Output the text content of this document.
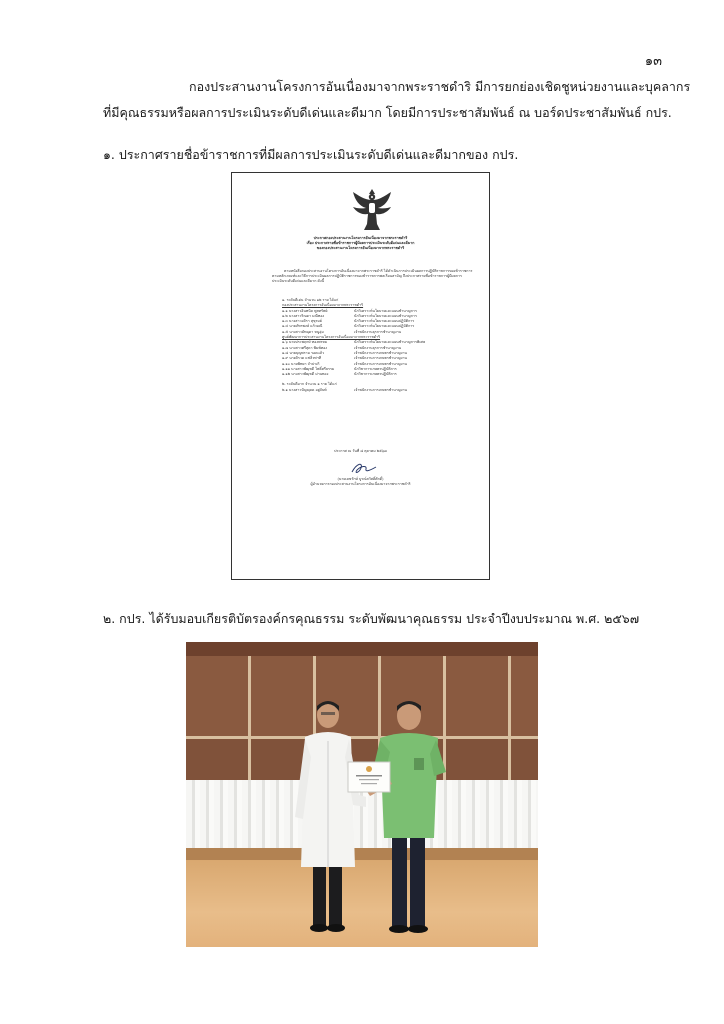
๑๓

กองประสานงานโครงการอันเนื่องมาจากพระราชดำริ มีการยกย่องเชิดชูหน่วยงานและบุคลากร
ที่มีคุณธรรมหรือผลการประเมินระดับดีเด่นและดีมาก โดยมีการประชาสัมพันธ์ ณ บอร์ดประชาสัมพันธ์ กปร.

๑. ประกาศรายชื่อข้าราชการที่มีผลการประเมินระดับดีเด่นและดีมากของ กปร.

ประกาศกองประสานงานโครงการอันเนื่องมาจากพระราชดำริ
เรื่อง ประกาศรายชื่อข้าราชการผู้มีผลการประเมินระดับดีเด่นและดีมาก
ของกองประสานงานโครงการอันเนื่องมาจากพระราชดำริ

ตามหนังสือกองประสานงานโครงการอันเนื่องมาจากพระราชดำริ ได้ดำเนินการประเมินผลการปฏิบัติราชการของข้าราชการ ตามหลักเกณฑ์และวิธีการประเมินผลการปฏิบัติราชการของข้าราชการพลเรือนสามัญ จึงประกาศรายชื่อข้าราชการผู้มีผลการประเมินระดับดีเด่นและดีมาก ดังนี้

๑. ระดับดีเด่น จำนวน ๑๒ ราย ได้แก่
กองประสานงานโครงการอันเนื่องมาจากพระราชดำริ
๑.๑ นางสาวอินทนิล พูลทรัพย์	นักวิเคราะห์นโยบายและแผนชำนาญการ
๑.๒ นางสาวริณดา มณีทอง	นักวิเคราะห์นโยบายและแผนชำนาญการ
๑.๓ นางสาวอจิรา สุขุรมย์	นักวิเคราะห์นโยบายและแผนปฏิบัติการ
๑.๔ นายภัทรพงษ์ แก้วมณี	นักวิเคราะห์นโยบายและแผนปฏิบัติการ
๑.๕ นางสาวมัทฉุดา หนูอุ่ม	เจ้าพนักงานธุรการชำนาญงาน
ศูนย์พัฒนาการประสานงานโครงการอันเนื่องมาจากพระราชดำริ
๑.๖ นายประพฤกษ์ ทองพรหม	นักวิเคราะห์นโยบายและแผนชำนาญการพิเศษ
๑.๗ นางสาวศรีสุดา พิมพ์ทอง	เจ้าพนักงานธุรการชำนาญงาน
๑.๘ นายบุญพราม รอดแล้ว	เจ้าพนักงานการเกษตรชำนาญงาน
๑.๙ นายจิรวด แซ่ลิ่วท่าที	เจ้าพนักงานการเกษตรชำนาญงาน
๑.๑๐ นายพิทยา จำปาเกิ	เจ้าพนักงานการเกษตรชำนาญงาน
๑.๑๑ นางสาวพัฒุชดี โพธิ์ศรีธรรม	นักวิชาการเกษตรปฏิบัติการ
๑.๑๒ นางสาวพัฒุชดี ม่านทอง	นักวิชาการเกษตรปฏิบัติการ
๒. ระดับดีมาก จำนวน ๑ ราย ได้แก่
๒.๑ นางสาวปัญญุลด อยู่จันท์	เจ้าพนักงานการเกษตรชำนาญงาน
ประกาศ ณ วันที่ ๘ ตุลาคม ๒๕๖๗
(นายเลขรักษ์ บูรณ์สวัสดิ์ศักดิ์)
ผู้อำนวยการกองประสานงานโครงการอันเนื่องมาจากพระราชดำริ

๒. กปร. ได้รับมอบเกียรติบัตรองค์กรคุณธรรม ระดับพัฒนาคุณธรรม ประจำปีงบประมาณ พ.ศ. ๒๕๖๗
